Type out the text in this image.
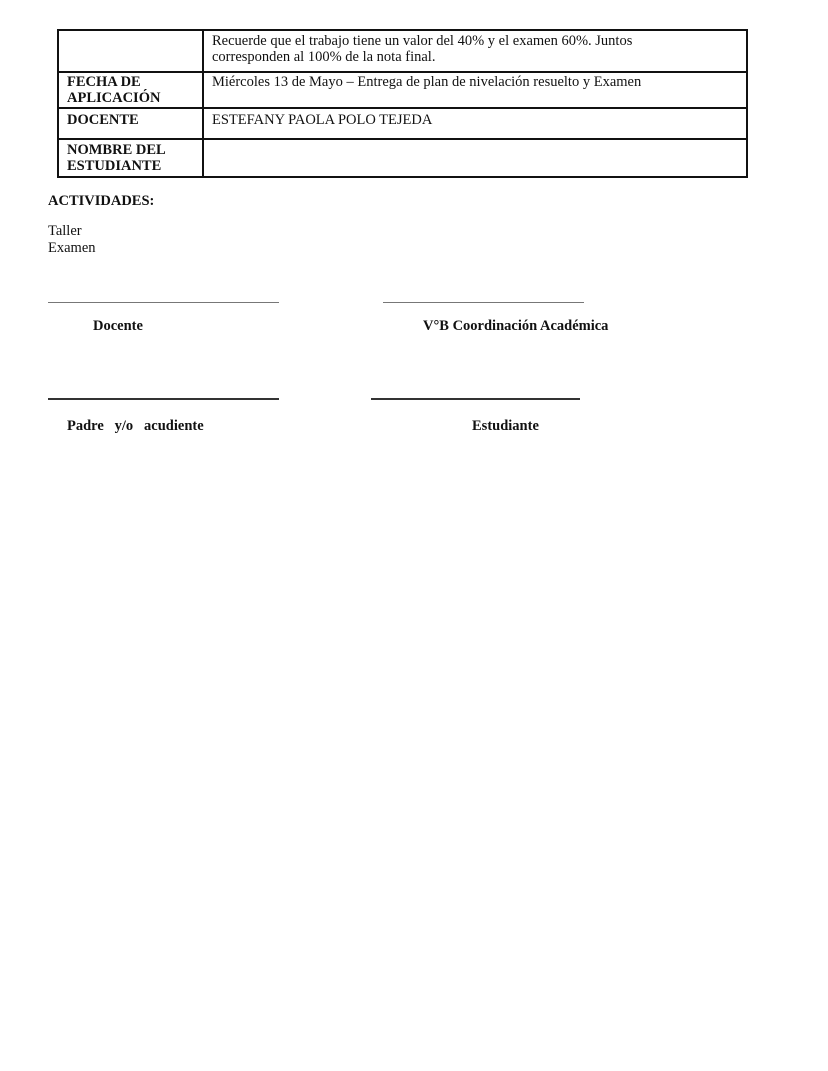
	Recuerde que el trabajo tiene un valor del 40% y el examen 60%. Juntos
corresponden al 100% de la nota final.

FECHA DE
APLICACIÓN	Miércoles 13 de Mayo – Entrega de plan de nivelación resuelto y Examen
DOCENTE	ESTEFANY PAOLA POLO TEJEDA

NOMBRE DEL
ESTUDIANTE	

ACTIVIDADES:
Taller
Examen
Docente	V°B Coordinación Académica
Padre   y/o   acudiente	Estudiante
